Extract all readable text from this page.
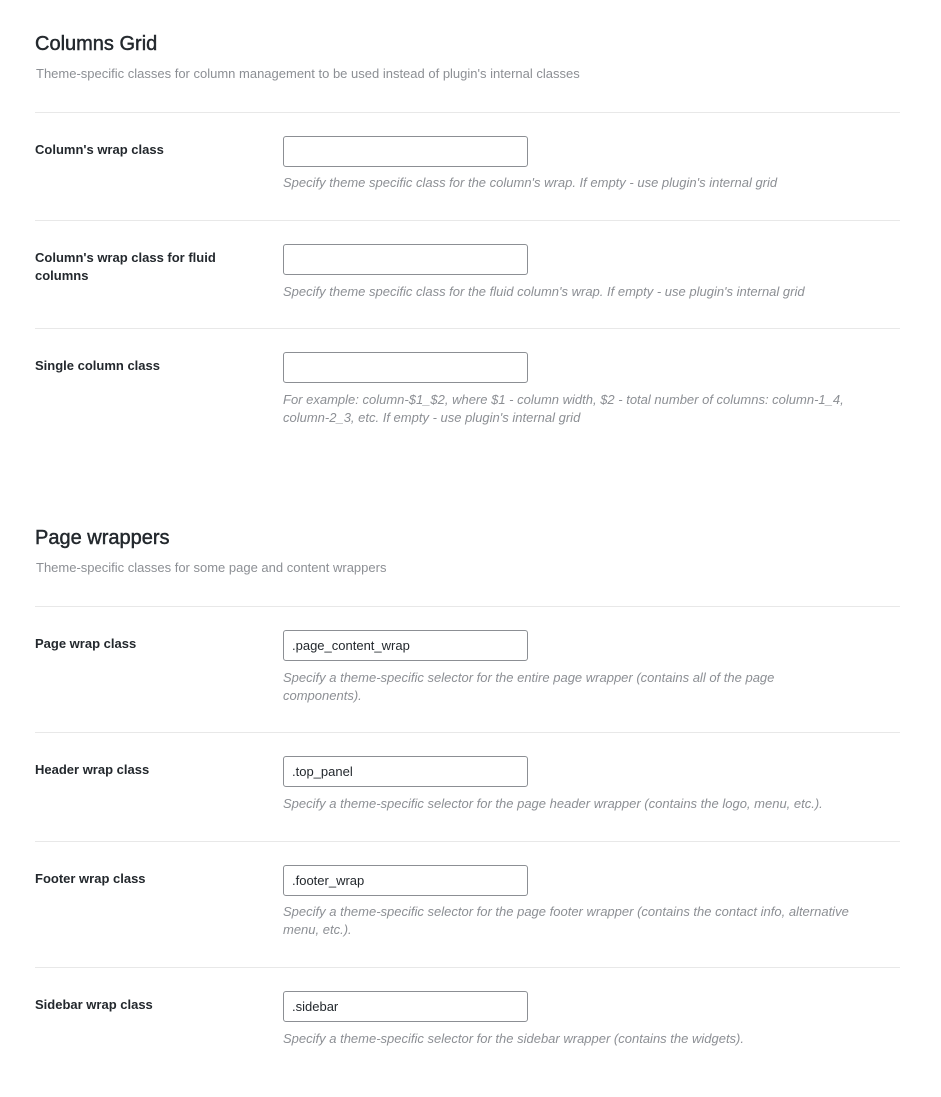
Columns Grid

Theme-specific classes for column management to be used instead of plugin's internal classes

Column's wrap class

Specify theme specific class for the column's wrap. If empty - use plugin's internal grid

Column's wrap class for fluid columns

Specify theme specific class for the fluid column's wrap. If empty - use plugin's internal grid

Single column class

For example: column-$1_$2, where $1 - column width, $2 - total number of columns: column-1_4, column-2_3, etc. If empty - use plugin's internal grid

Page wrappers

Theme-specific classes for some page and content wrappers

Page wrap class
.page_content_wrap

Specify a theme-specific selector for the entire page wrapper (contains all of the page components).

Header wrap class
.top_panel

Specify a theme-specific selector for the page header wrapper (contains the logo, menu, etc.).

Footer wrap class
.footer_wrap

Specify a theme-specific selector for the page footer wrapper (contains the contact info, alternative menu, etc.).

Sidebar wrap class
.sidebar

Specify a theme-specific selector for the sidebar wrapper (contains the widgets).
